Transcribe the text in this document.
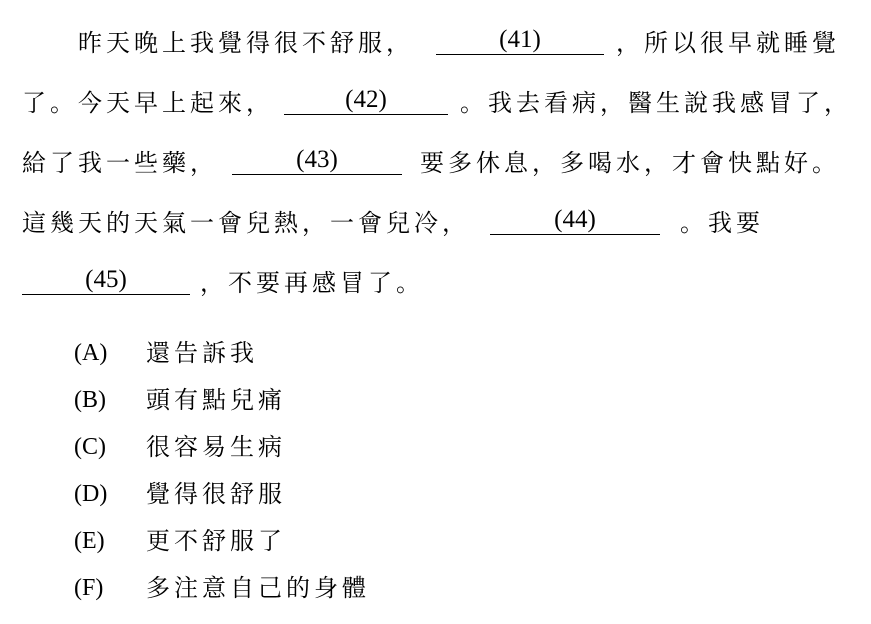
昨天晚上我覺得很不舒服，	(41)	，所以很早就睡覺
了。今天早上起來，	(42)	。我去看病，醫生說我感冒了，
給了我一些藥，	(43)	要多休息，多喝水，才會快點好。
這幾天的天氣一會兒熱，一會兒冷，	(44)	。我要
(45)	，不要再感冒了。
(A) 還告訴我
(B) 頭有點兒痛
(C) 很容易生病
(D) 覺得很舒服
(E) 更不舒服了
(F) 多注意自己的身體
